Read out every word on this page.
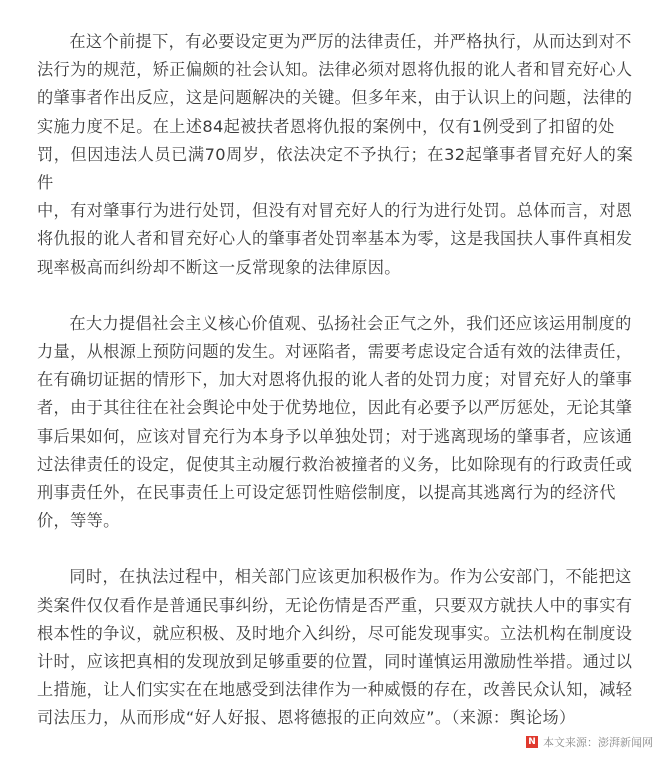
在这个前提下，有必要设定更为严厉的法律责任，并严格执行，从而达到对不
法行为的规范，矫正偏颇的社会认知。法律必须对恩将仇报的讹人者和冒充好心人
的肇事者作出反应，这是问题解决的关键。但多年来，由于认识上的问题，法律的
实施力度不足。在上述84起被扶者恩将仇报的案例中，仅有1例受到了扣留的处
罚，但因违法人员已满70周岁，依法决定不予执行；在32起肇事者冒充好人的案件
中，有对肇事行为进行处罚，但没有对冒充好人的行为进行处罚。总体而言，对恩
将仇报的讹人者和冒充好心人的肇事者处罚率基本为零，这是我国扶人事件真相发
现率极高而纠纷却不断这一反常现象的法律原因。

在大力提倡社会主义核心价值观、弘扬社会正气之外，我们还应该运用制度的
力量，从根源上预防问题的发生。对诬陷者，需要考虑设定合适有效的法律责任，
在有确切证据的情形下，加大对恩将仇报的讹人者的处罚力度；对冒充好人的肇事
者，由于其往往在社会舆论中处于优势地位，因此有必要予以严厉惩处，无论其肇
事后果如何，应该对冒充行为本身予以单独处罚；对于逃离现场的肇事者，应该通
过法律责任的设定，促使其主动履行救治被撞者的义务，比如除现有的行政责任或
刑事责任外，在民事责任上可设定惩罚性赔偿制度，以提高其逃离行为的经济代
价，等等。

同时，在执法过程中，相关部门应该更加积极作为。作为公安部门，不能把这
类案件仅仅看作是普通民事纠纷，无论伤情是否严重，只要双方就扶人中的事实有
根本性的争议，就应积极、及时地介入纠纷，尽可能发现事实。立法机构在制度设
计时，应该把真相的发现放到足够重要的位置，同时谨慎运用激励性举措。通过以
上措施，让人们实实在在地感受到法律作为一种威慑的存在，改善民众认知，减轻
司法压力，从而形成“好人好报、恩将德报的正向效应”。（来源：舆论场）

N 本文来源：澎湃新闻网
